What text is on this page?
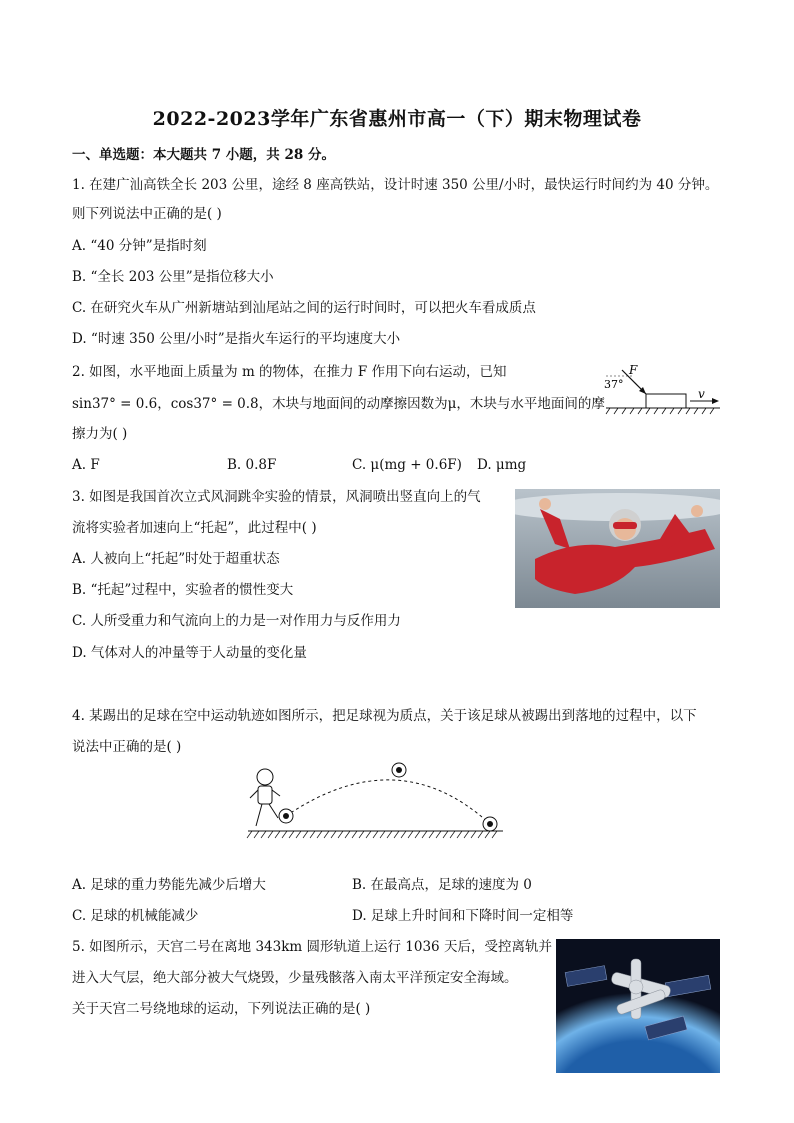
2022-2023学年广东省惠州市高一（下）期末物理试卷
一、单选题：本大题共 7 小题，共 28 分。
1. 在建广汕高铁全长 203 公里，途经 8 座高铁站，设计时速 350 公里/小时，最快运行时间约为 40 分钟。
则下列说法中正确的是( )
A. “40 分钟”是指时刻
B. “全长 203 公里”是指位移大小
C. 在研究火车从广州新塘站到汕尾站之间的运行时间时，可以把火车看成质点
D. “时速 350 公里/小时”是指火车运行的平均速度大小
2. 如图，水平地面上质量为 m 的物体，在推力 F 作用下向右运动，已知
sin37° = 0.6，cos37° = 0.8，木块与地面间的动摩擦因数为μ，木块与水平地面间的摩
擦力为( )
A. F	B. 0.8F	C. μ(mg + 0.6F) D. μmg
37°
F
v
3. 如图是我国首次立式风洞跳伞实验的情景，风洞喷出竖直向上的气
流将实验者加速向上“托起”，此过程中( )
A. 人被向上“托起”时处于超重状态
B. “托起”过程中，实验者的惯性变大
C. 人所受重力和气流向上的力是一对作用力与反作用力
D. 气体对人的冲量等于人动量的变化量
4. 某踢出的足球在空中运动轨迹如图所示，把足球视为质点，关于该足球从被踢出到落地的过程中，以下
说法中正确的是( )
A. 足球的重力势能先减少后增大	B. 在最高点，足球的速度为 0
C. 足球的机械能减少	D. 足球上升时间和下降时间一定相等
5. 如图所示，天宫二号在离地 343km 圆形轨道上运行 1036 天后，受控离轨并
进入大气层，绝大部分被大气烧毁，少量残骸落入南太平洋预定安全海域。
关于天宫二号绕地球的运动，下列说法正确的是( )
